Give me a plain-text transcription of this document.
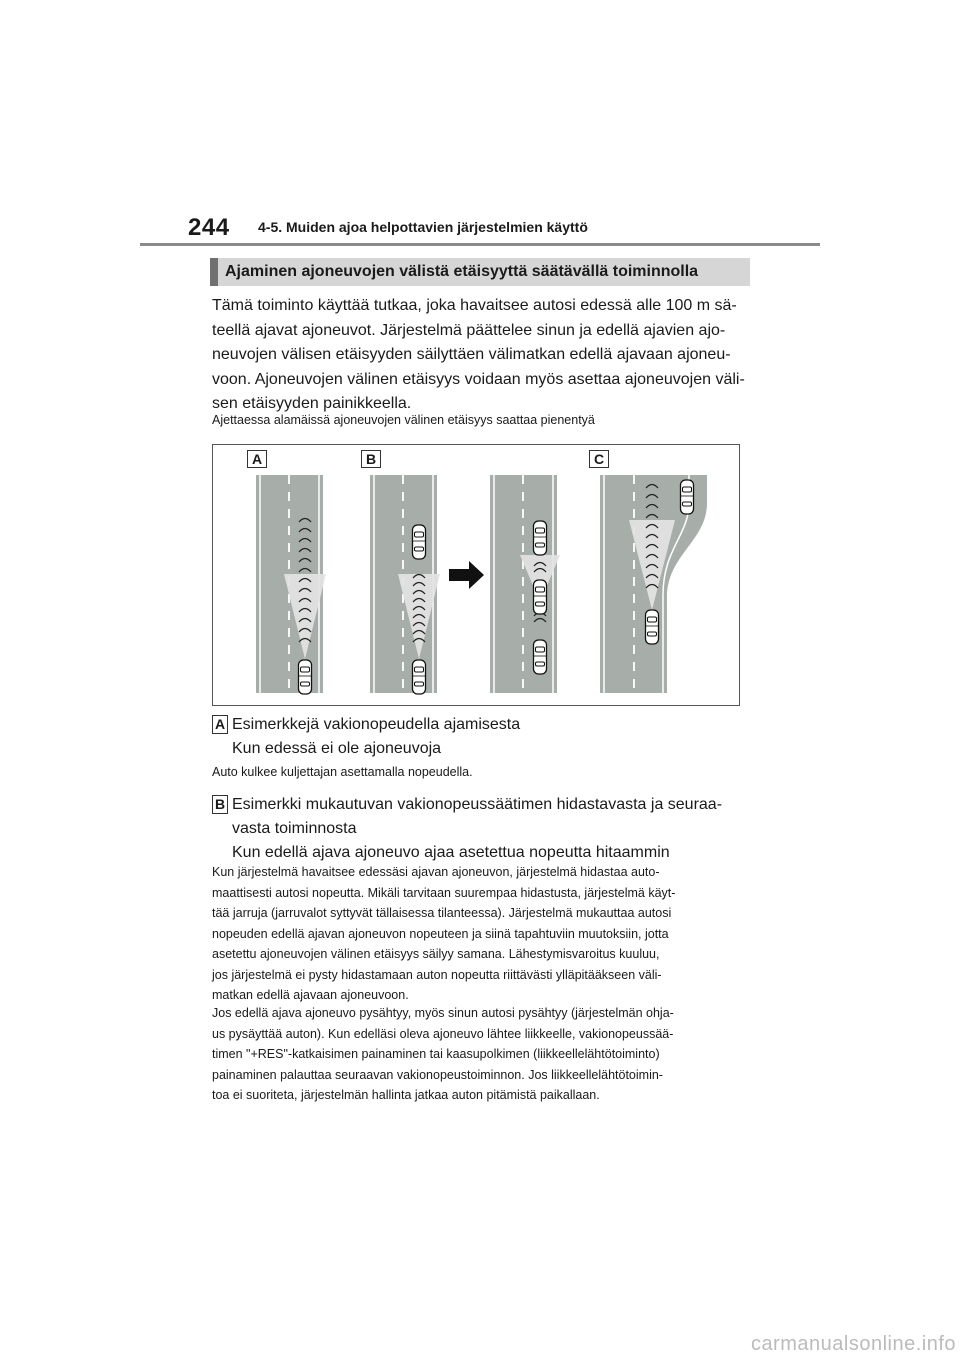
244 4-5. Muiden ajoa helpottavien järjestelmien käyttö
Ajaminen ajoneuvojen välistä etäisyyttä säätävällä toiminnolla
Tämä toiminto käyttää tutkaa, joka havaitsee autosi edessä alle 100 m sä-
teellä ajavat ajoneuvot. Järjestelmä päättelee sinun ja edellä ajavien ajo-
neuvojen välisen etäisyyden säilyttäen välimatkan edellä ajavaan ajoneu-
voon. Ajoneuvojen välinen etäisyys voidaan myös asettaa ajoneuvojen väli-
sen etäisyyden painikkeella.
Ajettaessa alamäissä ajoneuvojen välinen etäisyys saattaa pienentyä
A	B	C
A Esimerkkejä vakionopeudella ajamisesta
Kun edessä ei ole ajoneuvoja
Auto kulkee kuljettajan asettamalla nopeudella.
B Esimerkki mukautuvan vakionopeussäätimen hidastavasta ja seuraa-
vasta toiminnosta
Kun edellä ajava ajoneuvo ajaa asetettua nopeutta hitaammin
Kun järjestelmä havaitsee edessäsi ajavan ajoneuvon, järjestelmä hidastaa auto-
maattisesti autosi nopeutta. Mikäli tarvitaan suurempaa hidastusta, järjestelmä käyt-
tää jarruja (jarruvalot syttyvät tällaisessa tilanteessa). Järjestelmä mukauttaa autosi
nopeuden edellä ajavan ajoneuvon nopeuteen ja siinä tapahtuviin muutoksiin, jotta
asetettu ajoneuvojen välinen etäisyys säilyy samana. Lähestymisvaroitus kuuluu,
jos järjestelmä ei pysty hidastamaan auton nopeutta riittävästi ylläpitääkseen väli-
matkan edellä ajavaan ajoneuvoon.
Jos edellä ajava ajoneuvo pysähtyy, myös sinun autosi pysähtyy (järjestelmän ohja-
us pysäyttää auton). Kun edelläsi oleva ajoneuvo lähtee liikkeelle, vakionopeussää-
timen "+RES"-katkaisimen painaminen tai kaasupolkimen (liikkeellelähtötoiminto)
painaminen palauttaa seuraavan vakionopeustoiminnon. Jos liikkeellelähtötoimin-
toa ei suoriteta, järjestelmän hallinta jatkaa auton pitämistä paikallaan.
carmanualsonline.info
